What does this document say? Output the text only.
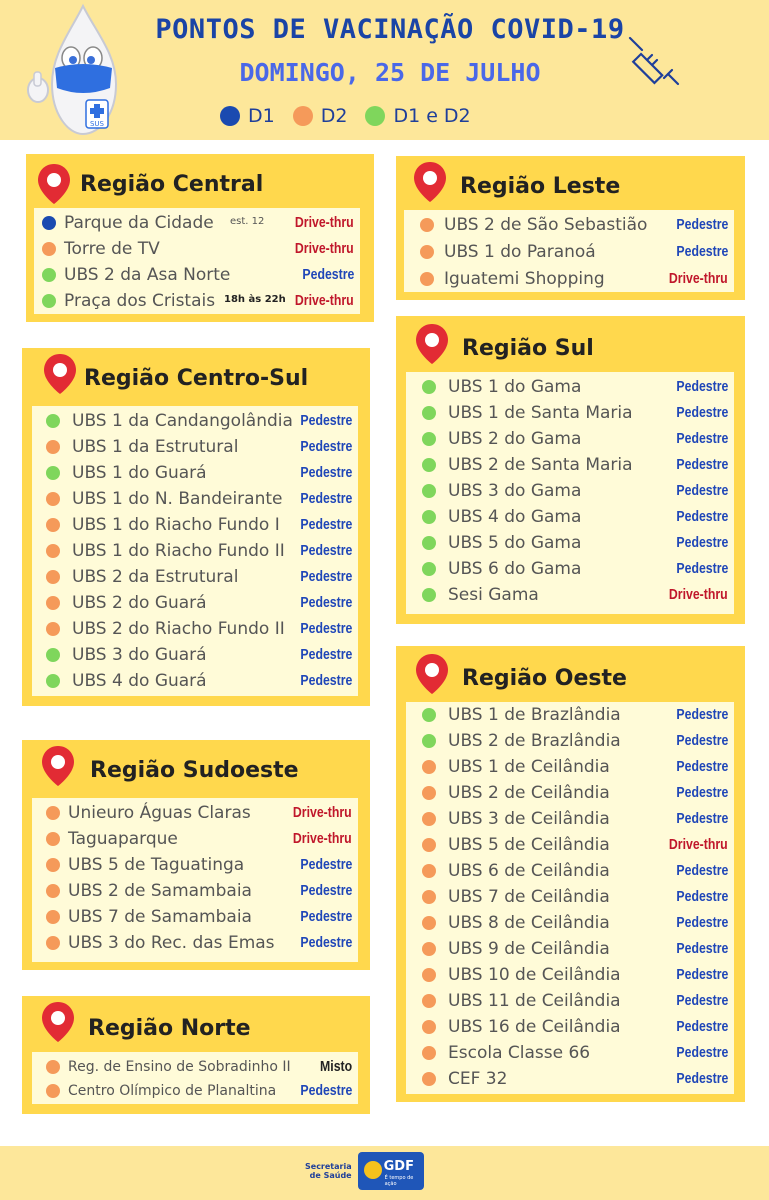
SUS
PONTOS DE VACINAÇÃO COVID-19
DOMINGO, 25 DE JULHO
D1 D2 D1 e D2
Região Central
Parque da Cidade est. 12 Drive-thru
Torre de TV	Drive-thru
UBS 2 da Asa Norte	Pedestre
Praça dos Cristais 18h às 22h Drive-thru
Região Leste
UBS 2 de São Sebastião Pedestre
UBS 1 do Paranoá	Pedestre
Iguatemi Shopping	Drive-thru
Região Centro-Sul
UBS 1 da Candangolândia Pedestre
UBS 1 da Estrutural	Pedestre
UBS 1 do Guará	Pedestre
UBS 1 do N. Bandeirante Pedestre
UBS 1 do Riacho Fundo I Pedestre
UBS 1 do Riacho Fundo II Pedestre
UBS 2 da Estrutural	Pedestre
UBS 2 do Guará	Pedestre
UBS 2 do Riacho Fundo II Pedestre
UBS 3 do Guará	Pedestre
UBS 4 do Guará	Pedestre
Região Sul
UBS 1 do Gama	Pedestre
UBS 1 de Santa Maria	Pedestre
UBS 2 do Gama	Pedestre
UBS 2 de Santa Maria	Pedestre
UBS 3 do Gama	Pedestre
UBS 4 do Gama	Pedestre
UBS 5 do Gama	Pedestre
UBS 6 do Gama	Pedestre
Sesi Gama	Drive-thru
Região Sudoeste
Unieuro Águas Claras	Drive-thru
Taguaparque	Drive-thru
UBS 5 de Taguatinga	Pedestre
UBS 2 de Samambaia	Pedestre
UBS 7 de Samambaia	Pedestre
UBS 3 do Rec. das Emas Pedestre
Região Oeste
UBS 1 de Brazlândia	Pedestre
UBS 2 de Brazlândia	Pedestre
UBS 1 de Ceilândia	Pedestre
UBS 2 de Ceilândia	Pedestre
UBS 3 de Ceilândia	Pedestre
UBS 5 de Ceilândia	Drive-thru
UBS 6 de Ceilândia	Pedestre
UBS 7 de Ceilândia	Pedestre
UBS 8 de Ceilândia	Pedestre
UBS 9 de Ceilândia	Pedestre
UBS 10 de Ceilândia	Pedestre
UBS 11 de Ceilândia	Pedestre
UBS 16 de Ceilândia	Pedestre
Escola Classe 66	Pedestre
CEF 32	Pedestre
Região Norte
Reg. de Ensino de Sobradinho II Misto
Centro Olímpico de Planaltina Pedestre
Secretaria
de Saúde
GDF
É tempo de ação
